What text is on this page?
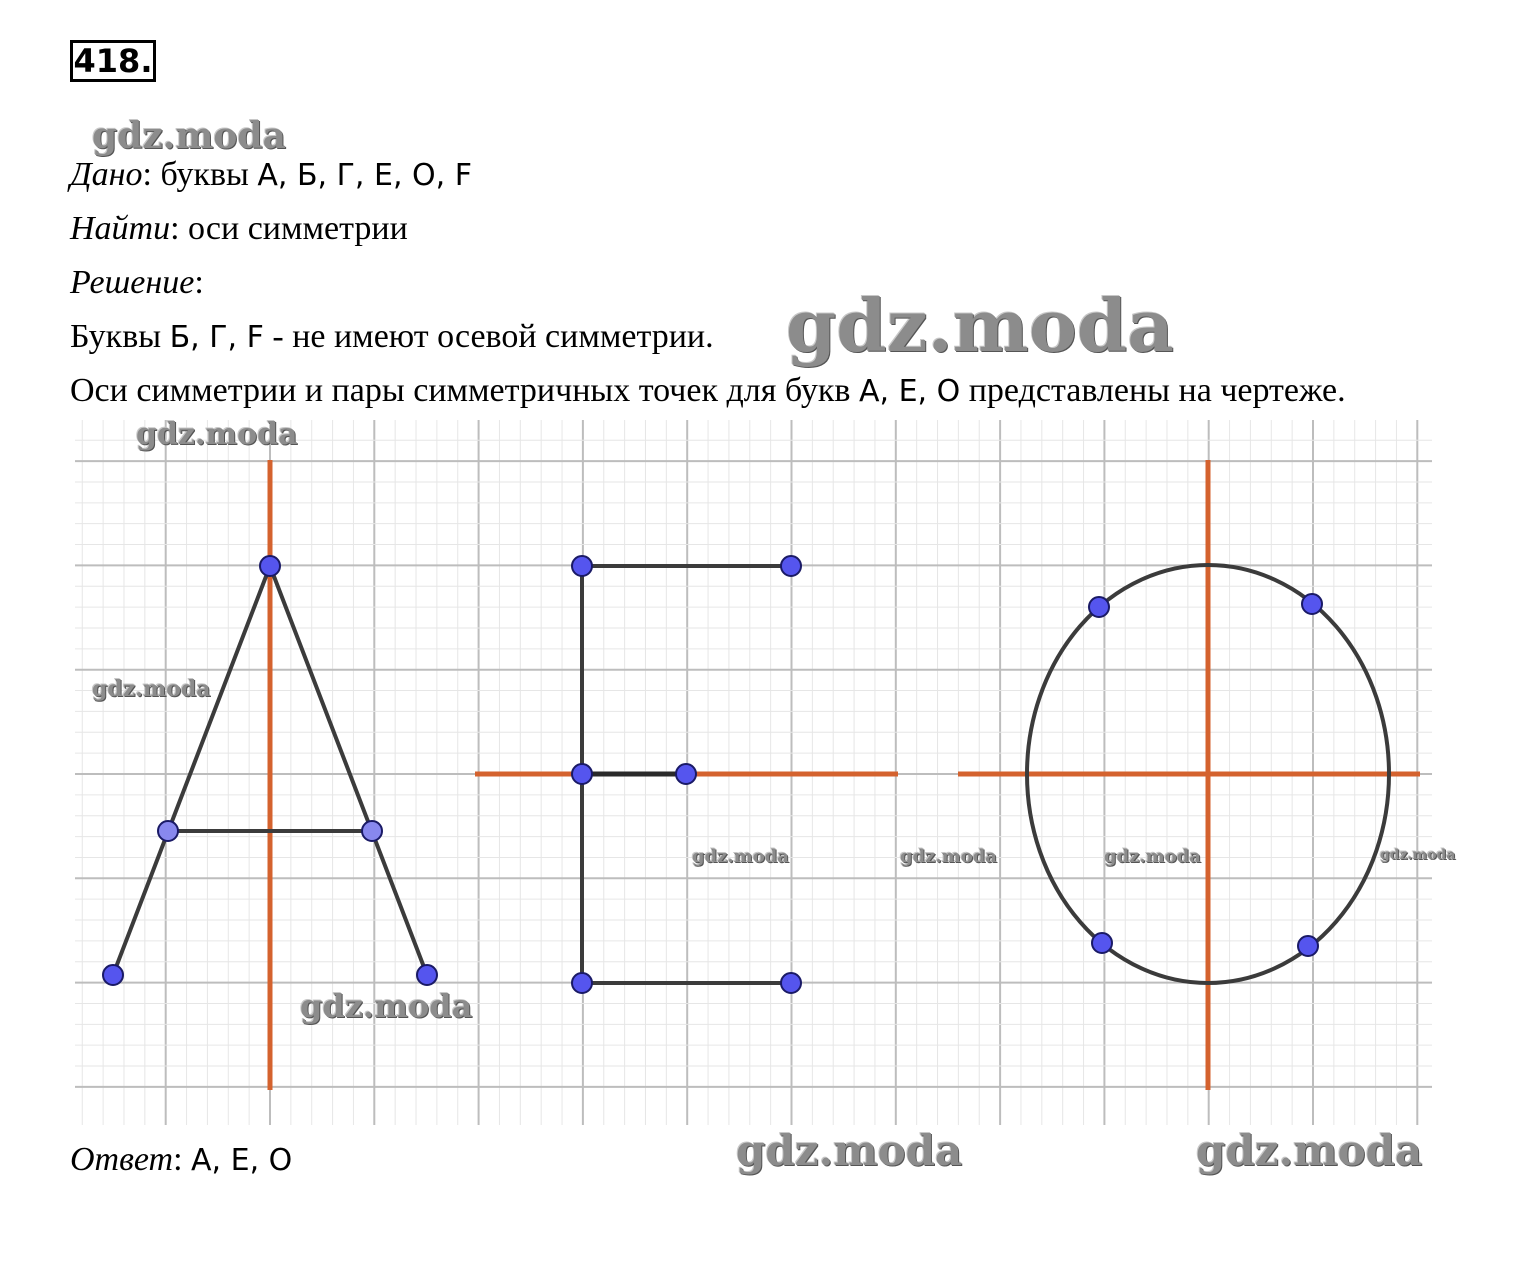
418.
gdz.moda
Дано: буквы А, Б, Г, Е, О, F
Найти: оси симметрии
Решение:
Буквы Б, Г, F - не имеют осевой симметрии. gdz.moda
Оси симметрии и пары симметричных точек для букв А, Е, О представлены на чертеже.
gdz.moda
gdz.moda
gdz.moda
gdz.moda	gdz.moda	gdz.moda	gdz.moda
Ответ: А, Е, О	gdz.moda	gdz.moda
